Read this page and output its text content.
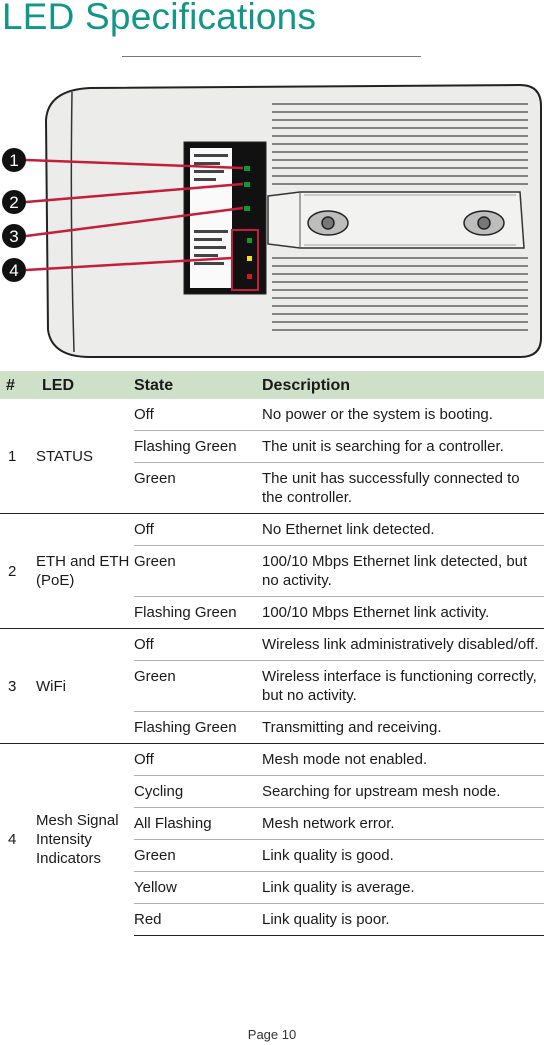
LED Specifications
1
2
3
4
#	LED	State	Description
1	STATUS	Off	No power or the system is booting.
		Flashing Green	The unit is searching for a controller.
		Green	The unit has successfully connected to the controller.
2	ETH and ETH (PoE)	Off	No Ethernet link detected.
		Green	100/10 Mbps Ethernet link detected, but no activity.
		Flashing Green	100/10 Mbps Ethernet link activity.
3	WiFi	Off	Wireless link administratively disabled/off.
		Green	Wireless interface is functioning correctly, but no activity.
		Flashing Green	Transmitting and receiving.
4	Mesh Signal Intensity Indicators	Off	Mesh mode not enabled.
		Cycling	Searching for upstream mesh node.
		All Flashing	Mesh network error.
		Green	Link quality is good.
		Yellow	Link quality is average.
		Red	Link quality is poor.
Page 10
